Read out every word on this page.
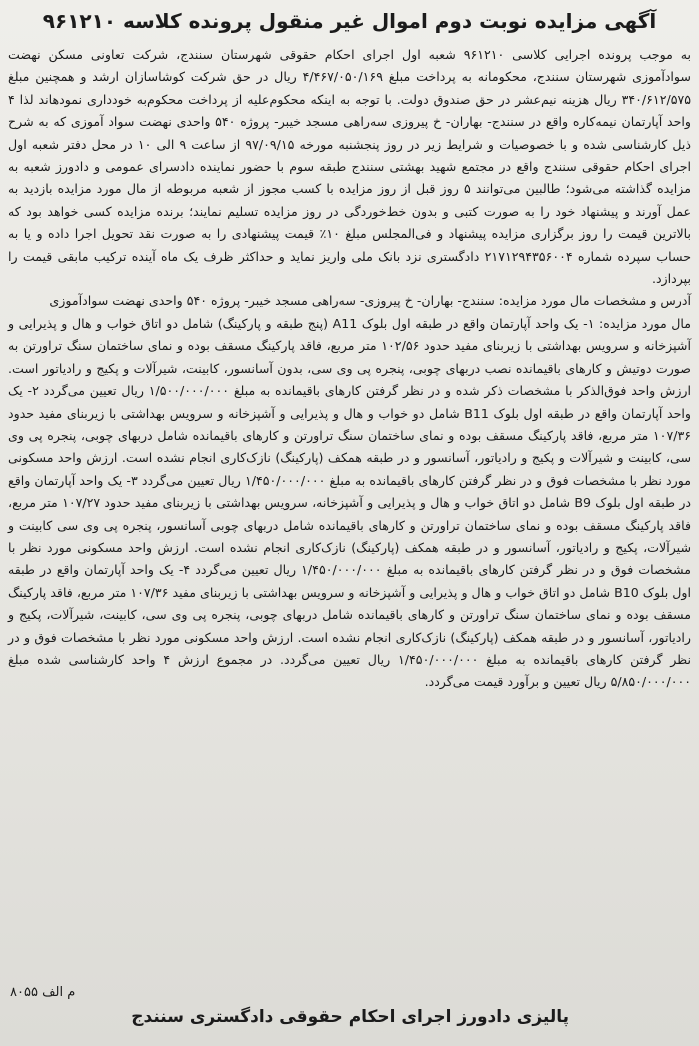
آگهی مزایده نوبت دوم اموال غیر منقول پرونده کلاسه ۹۶۱۲۱۰

به موجب پرونده اجرایی کلاسی ۹۶۱۲۱۰ شعبه اول اجرای احکام حقوقی شهرستان سنندج، شرکت تعاونی مسکن نهضت سوادآموزی شهرستان سنندج، محکومانه به پرداخت مبلغ ۴/۴۶۷/۰۵۰/۱۶۹ ریال در حق شرکت کوشاسازان ارشد و همچنین مبلغ ۳۴۰/۶۱۲/۵۷۵ ریال هزینه نیم‌عشر در حق صندوق دولت. با توجه به اینکه محکوم‌علیه از پرداخت محکوم‌به خودداری نمودهاند لذا ۴ واحد آپارتمان نیمه‌کاره واقع در سنندج- بهاران- خ پیروزی سه‌راهی مسجد خیبر- پروژه ۵۴۰ واحدی نهضت سواد آموزی که به شرح ذیل کارشناسی شده و با خصوصیات و شرایط زیر در روز پنجشنبه مورخه ۹۷/۰۹/۱۵ از ساعت ۹ الی ۱۰ در محل دفتر شعبه اول اجرای احکام حقوقی سنندج واقع در مجتمع شهید بهشتی سنندج طبقه سوم با حضور نماینده دادسرای عمومی و دادورز شعبه به مزایده گذاشته می‌شود؛ طالبین می‌توانند ۵ روز قبل از روز مزایده با کسب مجوز از شعبه مربوطه از مال مورد مزایده بازدید به عمل آورند و پیشنهاد خود را به صورت کتبی و بدون خط‌خوردگی در روز مزایده تسلیم نمایند؛ برنده مزایده کسی خواهد بود که بالاترین قیمت را روز برگزاری مزایده پیشنهاد و فی‌المجلس مبلغ ۱۰٪ قیمت پیشنهادی را به صورت نقد تحویل اجرا داده و یا به حساب سپرده شماره ۲۱۷۱۲۹۴۳۵۶۰۰۴ دادگستری نزد بانک ملی واریز نماید و حداکثر ظرف یک ماه آینده ترکیب مابقی قیمت را بپردازد.

آدرس و مشخصات مال مورد مزایده: سنندج- بهاران- خ پیروزی- سه‌راهی مسجد خیبر- پروژه ۵۴۰ واحدی نهضت سوادآموزی

مال مورد مزایده: ۱- یک واحد آپارتمان واقع در طبقه اول بلوک A11 (پنج طبقه و پارکینگ) شامل دو اتاق خواب و هال و پذیرایی و آشپزخانه و سرویس بهداشتی با زیربنای مفید حدود ۱۰۲/۵۶ متر مربع، فاقد پارکینگ مسقف بوده و نمای ساختمان سنگ تراورتن به صورت دوتیش و کارهای باقیمانده نصب دربهای چوبی، پنجره پی وی سی، بدون آسانسور، کابینت، شیرآلات و پکیج و رادیاتور است. ارزش واحد فوق‌الذکر با مشخصات ذکر شده و در نظر گرفتن کارهای باقیمانده به مبلغ ۱/۵۰۰/۰۰۰/۰۰۰ ریال تعیین می‌گردد ۲- یک واحد آپارتمان واقع در طبقه اول بلوک B11 شامل دو خواب و هال و پذیرایی و آشپزخانه و سرویس بهداشتی با زیربنای مفید حدود ۱۰۷/۳۶ متر مربع، فاقد پارکینگ مسقف بوده و نمای ساختمان سنگ تراورتن و کارهای باقیمانده شامل دربهای چوبی، پنجره پی وی سی، کابینت و شیرآلات و پکیج و رادیاتور، آسانسور و در طبقه همکف (پارکینگ) نازک‌کاری انجام نشده است. ارزش واحد مسکونی مورد نظر با مشخصات فوق و در نظر گرفتن کارهای باقیمانده به مبلغ ۱/۴۵۰/۰۰۰/۰۰۰ ریال تعیین می‌گردد ۳- یک واحد آپارتمان واقع در طبقه اول بلوک B9 شامل دو اتاق خواب و هال و پذیرایی و آشپزخانه، سرویس بهداشتی با زیربنای مفید حدود ۱۰۷/۲۷ متر مربع، فاقد پارکینگ مسقف بوده و نمای ساختمان تراورتن و کارهای باقیمانده شامل دربهای چوبی آسانسور، پنجره پی وی سی کابینت و شیرآلات، پکیج و رادیاتور، آسانسور و در طبقه همکف (پارکینگ) نازک‌کاری انجام نشده است. ارزش واحد مسکونی مورد نظر با مشخصات فوق و در نظر گرفتن کارهای باقیمانده به مبلغ ۱/۴۵۰/۰۰۰/۰۰۰ ریال تعیین می‌گردد ۴- یک واحد آپارتمان واقع در طبقه اول بلوک B10 شامل دو اتاق خواب و هال و پذیرایی و آشپزخانه و سرویس بهداشتی با زیربنای مفید ۱۰۷/۳۶ متر مربع، فاقد پارکینگ مسقف بوده و نمای ساختمان سنگ تراورتن و کارهای باقیمانده شامل دربهای چوبی، پنجره پی وی سی، کابینت، شیرآلات، پکیج و رادیاتور، آسانسور و در طبقه همکف (پارکینگ) نازک‌کاری انجام نشده است. ارزش واحد مسکونی مورد نظر با مشخصات فوق و در نظر گرفتن کارهای باقیمانده به مبلغ ۱/۴۵۰/۰۰۰/۰۰۰ ریال تعیین می‌گردد. در مجموع ارزش ۴ واحد کارشناسی شده مبلغ ۵/۸۵۰/۰۰۰/۰۰۰ ریال تعیین و برآورد قیمت می‌گردد.

م الف ۸۰۵۵
پالیزی دادورز اجرای احکام حقوقی دادگستری سنندج
